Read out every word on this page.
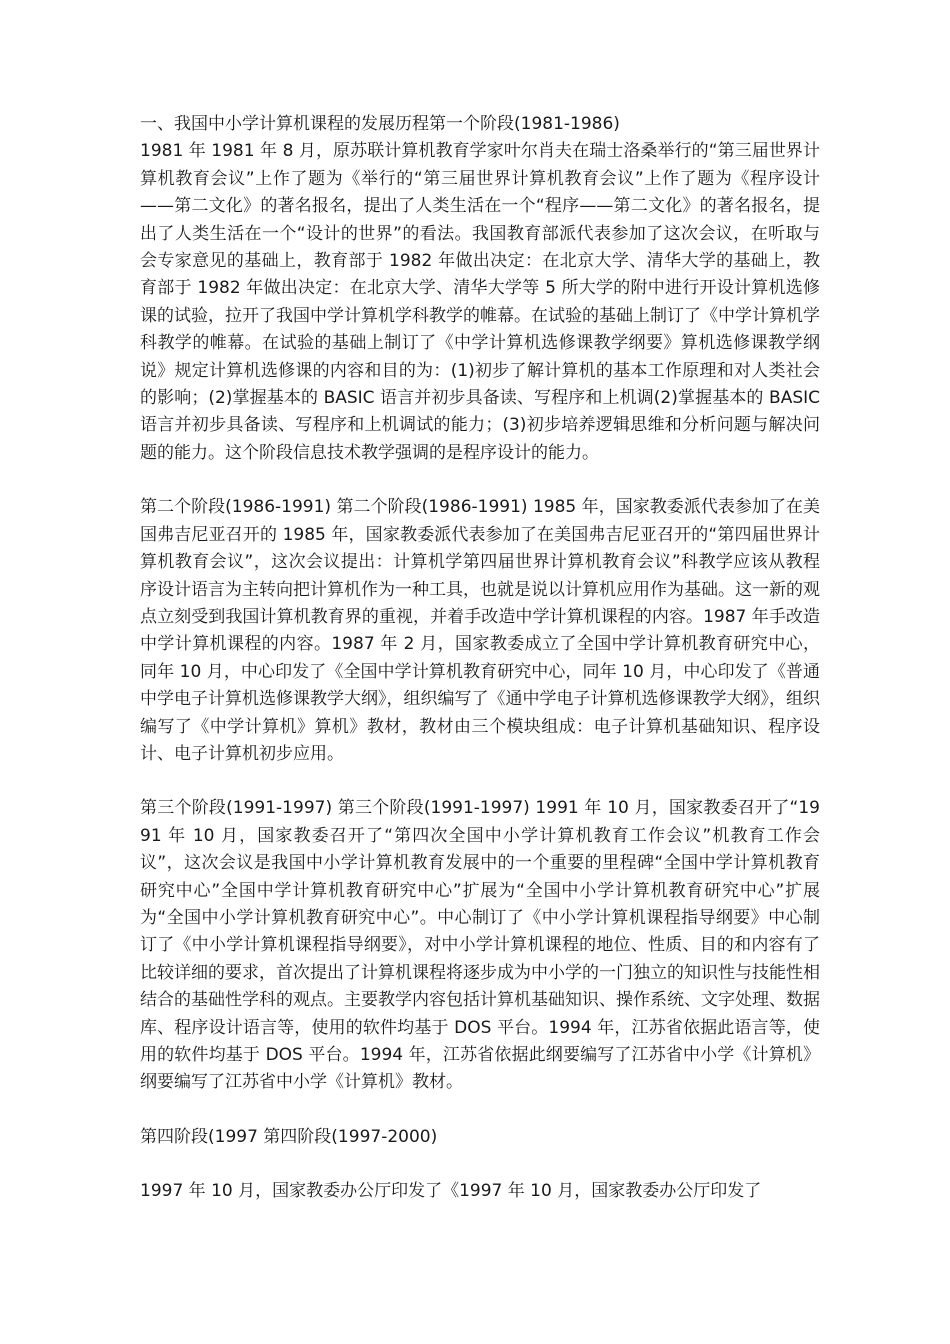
一、我国中小学计算机课程的发展历程第一个阶段(1981-1986)

1981 年 1981 年 8 月，原苏联计算机教育学家叶尔肖夫在瑞士洛桑举行的“第三届世界计算机教育会议”上作了题为《举行的“第三届世界计算机教育会议”上作了题为《程序设计——第二文化》的著名报名，提出了人类生活在一个“程序——第二文化》的著名报名，提出了人类生活在一个“设计的世界”的看法。我国教育部派代表参加了这次会议，在听取与会专家意见的基础上，教育部于 1982 年做出决定：在北京大学、清华大学的基础上，教育部于 1982 年做出决定：在北京大学、清华大学等 5 所大学的附中进行开设计算机选修课的试验，拉开了我国中学计算机学科教学的帷幕。在试验的基础上制订了《中学计算机学科教学的帷幕。在试验的基础上制订了《中学计算机选修课教学纲要》算机选修课教学纲说》规定计算机选修课的内容和目的为：(1)初步了解计算机的基本工作原理和对人类社会的影响；(2)掌握基本的 BASIC 语言并初步具备读、写程序和上机调(2)掌握基本的 BASIC 语言并初步具备读、写程序和上机调试的能力；(3)初步培养逻辑思维和分析问题与解决问题的能力。这个阶段信息技术教学强调的是程序设计的能力。

第二个阶段(1986-1991) 第二个阶段(1986-1991) 1985 年，国家教委派代表参加了在美国弗吉尼亚召开的 1985 年，国家教委派代表参加了在美国弗吉尼亚召开的“第四届世界计算机教育会议”，这次会议提出：计算机学第四届世界计算机教育会议”科教学应该从教程序设计语言为主转向把计算机作为一种工具，也就是说以计算机应用作为基础。这一新的观点立刻受到我国计算机教育界的重视，并着手改造中学计算机课程的内容。1987 年手改造中学计算机课程的内容。1987 年 2 月，国家教委成立了全国中学计算机教育研究中心，同年 10 月，中心印发了《全国中学计算机教育研究中心，同年 10 月，中心印发了《普通中学电子计算机选修课教学大纲》，组织编写了《通中学电子计算机选修课教学大纲》，组织编写了《中学计算机》算机》教材，教材由三个模块组成：电子计算机基础知识、程序设计、电子计算机初步应用。

第三个阶段(1991-1997) 第三个阶段(1991-1997) 1991 年 10 月，国家教委召开了“1991 年 10 月，国家教委召开了“第四次全国中小学计算机教育工作会议”机教育工作会议”，这次会议是我国中小学计算机教育发展中的一个重要的里程碑“全国中学计算机教育研究中心”全国中学计算机教育研究中心”扩展为“全国中小学计算机教育研究中心”扩展为“全国中小学计算机教育研究中心”。中心制订了《中小学计算机课程指导纲要》中心制订了《中小学计算机课程指导纲要》，对中小学计算机课程的地位、性质、目的和内容有了比较详细的要求，首次提出了计算机课程将逐步成为中小学的一门独立的知识性与技能性相结合的基础性学科的观点。主要教学内容包括计算机基础知识、操作系统、文字处理、数据库、程序设计语言等，使用的软件均基于 DOS 平台。1994 年，江苏省依据此语言等，使用的软件均基于 DOS 平台。1994 年，江苏省依据此纲要编写了江苏省中小学《计算机》纲要编写了江苏省中小学《计算机》教材。

第四阶段(1997 第四阶段(1997-2000)

1997 年 10 月，国家教委办公厅印发了《1997 年 10 月，国家教委办公厅印发了
